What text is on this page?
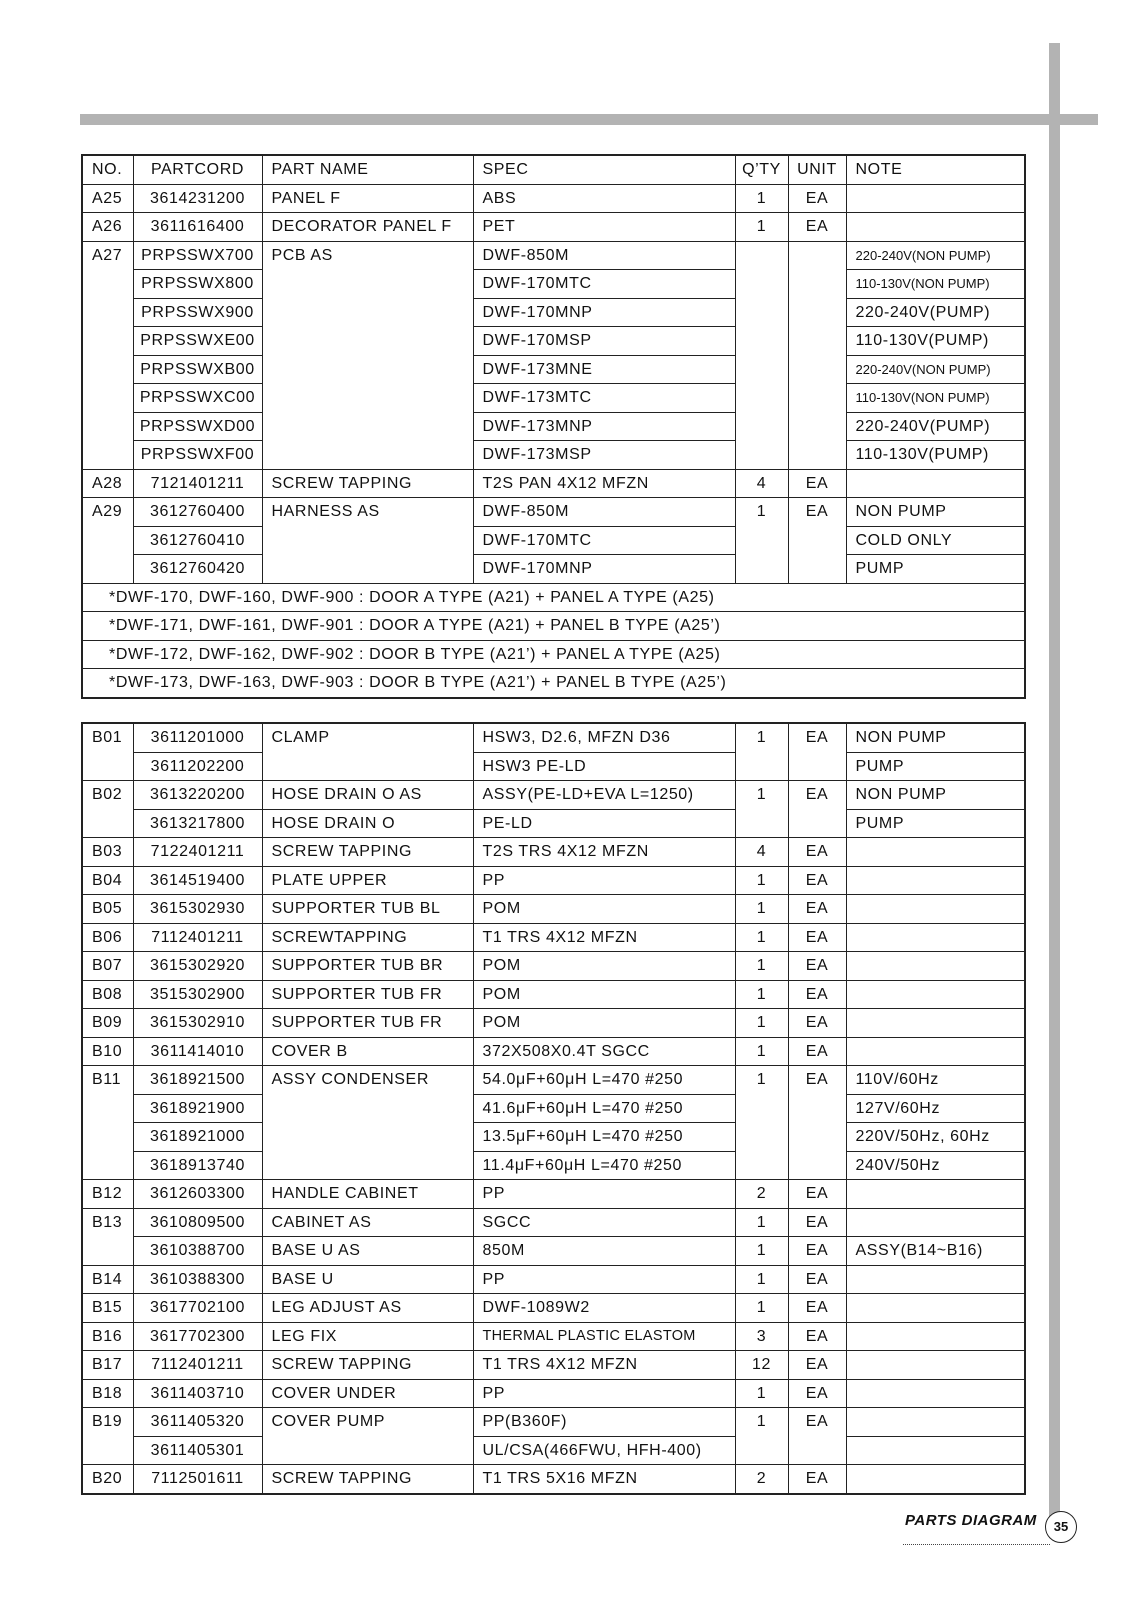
NO.	PARTCORD	PART NAME	SPEC	Q’TY	UNIT	NOTE
A25	3614231200	PANEL F	ABS	1	EA	
A26	3611616400	DECORATOR PANEL F	PET	1	EA	
A27	PRPSSWX700	PCB AS	DWF-850M			220-240V(NON PUMP)
	PRPSSWX800		DWF-170MTC			110-130V(NON PUMP)
	PRPSSWX900		DWF-170MNP			220-240V(PUMP)
	PRPSSWXE00		DWF-170MSP			110-130V(PUMP)
	PRPSSWXB00		DWF-173MNE			220-240V(NON PUMP)
	PRPSSWXC00		DWF-173MTC			110-130V(NON PUMP)
	PRPSSWXD00		DWF-173MNP			220-240V(PUMP)
	PRPSSWXF00		DWF-173MSP			110-130V(PUMP)
A28	7121401211	SCREW TAPPING	T2S PAN 4X12 MFZN	4	EA	
A29	3612760400	HARNESS AS	DWF-850M	1	EA	NON PUMP
	3612760410		DWF-170MTC			COLD ONLY
	3612760420		DWF-170MNP			PUMP
*DWF-170, DWF-160, DWF-900 : DOOR A TYPE (A21) + PANEL A TYPE (A25)						
*DWF-171, DWF-161, DWF-901 : DOOR A TYPE (A21) + PANEL B TYPE (A25’)						
*DWF-172, DWF-162, DWF-902 : DOOR B TYPE (A21’) + PANEL A TYPE (A25)						
*DWF-173, DWF-163, DWF-903 : DOOR B TYPE (A21’) + PANEL B TYPE (A25’)						
B01	3611201000	CLAMP	HSW3, D2.6, MFZN D36	1	EA	NON PUMP
	3611202200		HSW3 PE-LD			PUMP
B02	3613220200	HOSE DRAIN O AS	ASSY(PE-LD+EVA L=1250)	1	EA	NON PUMP
	3613217800	HOSE DRAIN O	PE-LD			PUMP
B03	7122401211	SCREW TAPPING	T2S TRS 4X12 MFZN	4	EA	
B04	3614519400	PLATE UPPER	PP	1	EA	
B05	3615302930	SUPPORTER TUB BL	POM	1	EA	
B06	7112401211	SCREWTAPPING	T1 TRS 4X12 MFZN	1	EA	
B07	3615302920	SUPPORTER TUB BR	POM	1	EA	
B08	3515302900	SUPPORTER TUB FR	POM	1	EA	
B09	3615302910	SUPPORTER TUB FR	POM	1	EA	
B10	3611414010	COVER B	372X508X0.4T SGCC	1	EA	
B11	3618921500	ASSY CONDENSER	54.0μF+60μH L=470 #250	1	EA	110V/60Hz
	3618921900		41.6μF+60μH L=470 #250			127V/60Hz
	3618921000		13.5μF+60μH L=470 #250			220V/50Hz, 60Hz
	3618913740		11.4μF+60μH L=470 #250			240V/50Hz
B12	3612603300	HANDLE CABINET	PP	2	EA	
B13	3610809500	CABINET AS	SGCC	1	EA	
	3610388700	BASE U AS	850M	1	EA	ASSY(B14~B16)
B14	3610388300	BASE U	PP	1	EA	
B15	3617702100	LEG ADJUST AS	DWF-1089W2	1	EA	
B16	3617702300	LEG FIX	THERMAL PLASTIC ELASTOM	3	EA	
B17	7112401211	SCREW TAPPING	T1 TRS 4X12 MFZN	12	EA	
B18	3611403710	COVER UNDER	PP	1	EA	
B19	3611405320	COVER PUMP	PP(B360F)	1	EA	
	3611405301		UL/CSA(466FWU, HFH-400)			
B20	7112501611	SCREW TAPPING	T1 TRS 5X16 MFZN	2	EA	
PARTS DIAGRAM	35
